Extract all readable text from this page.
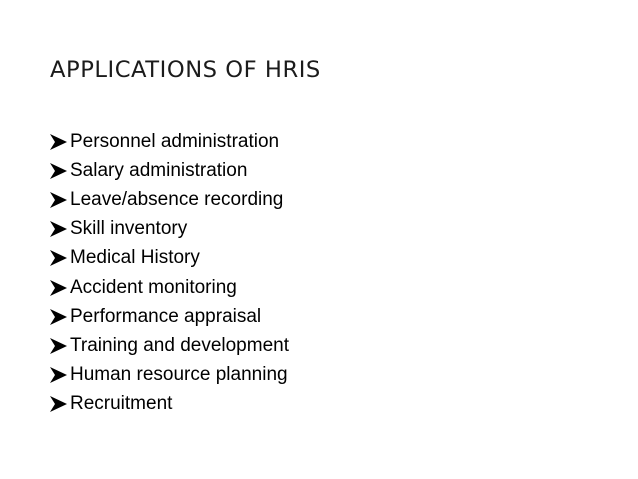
APPLICATIONS OF HRIS
Personnel administration
Salary administration
Leave/absence recording
Skill inventory
Medical History
Accident monitoring
Performance appraisal
Training and development
Human resource planning
Recruitment
